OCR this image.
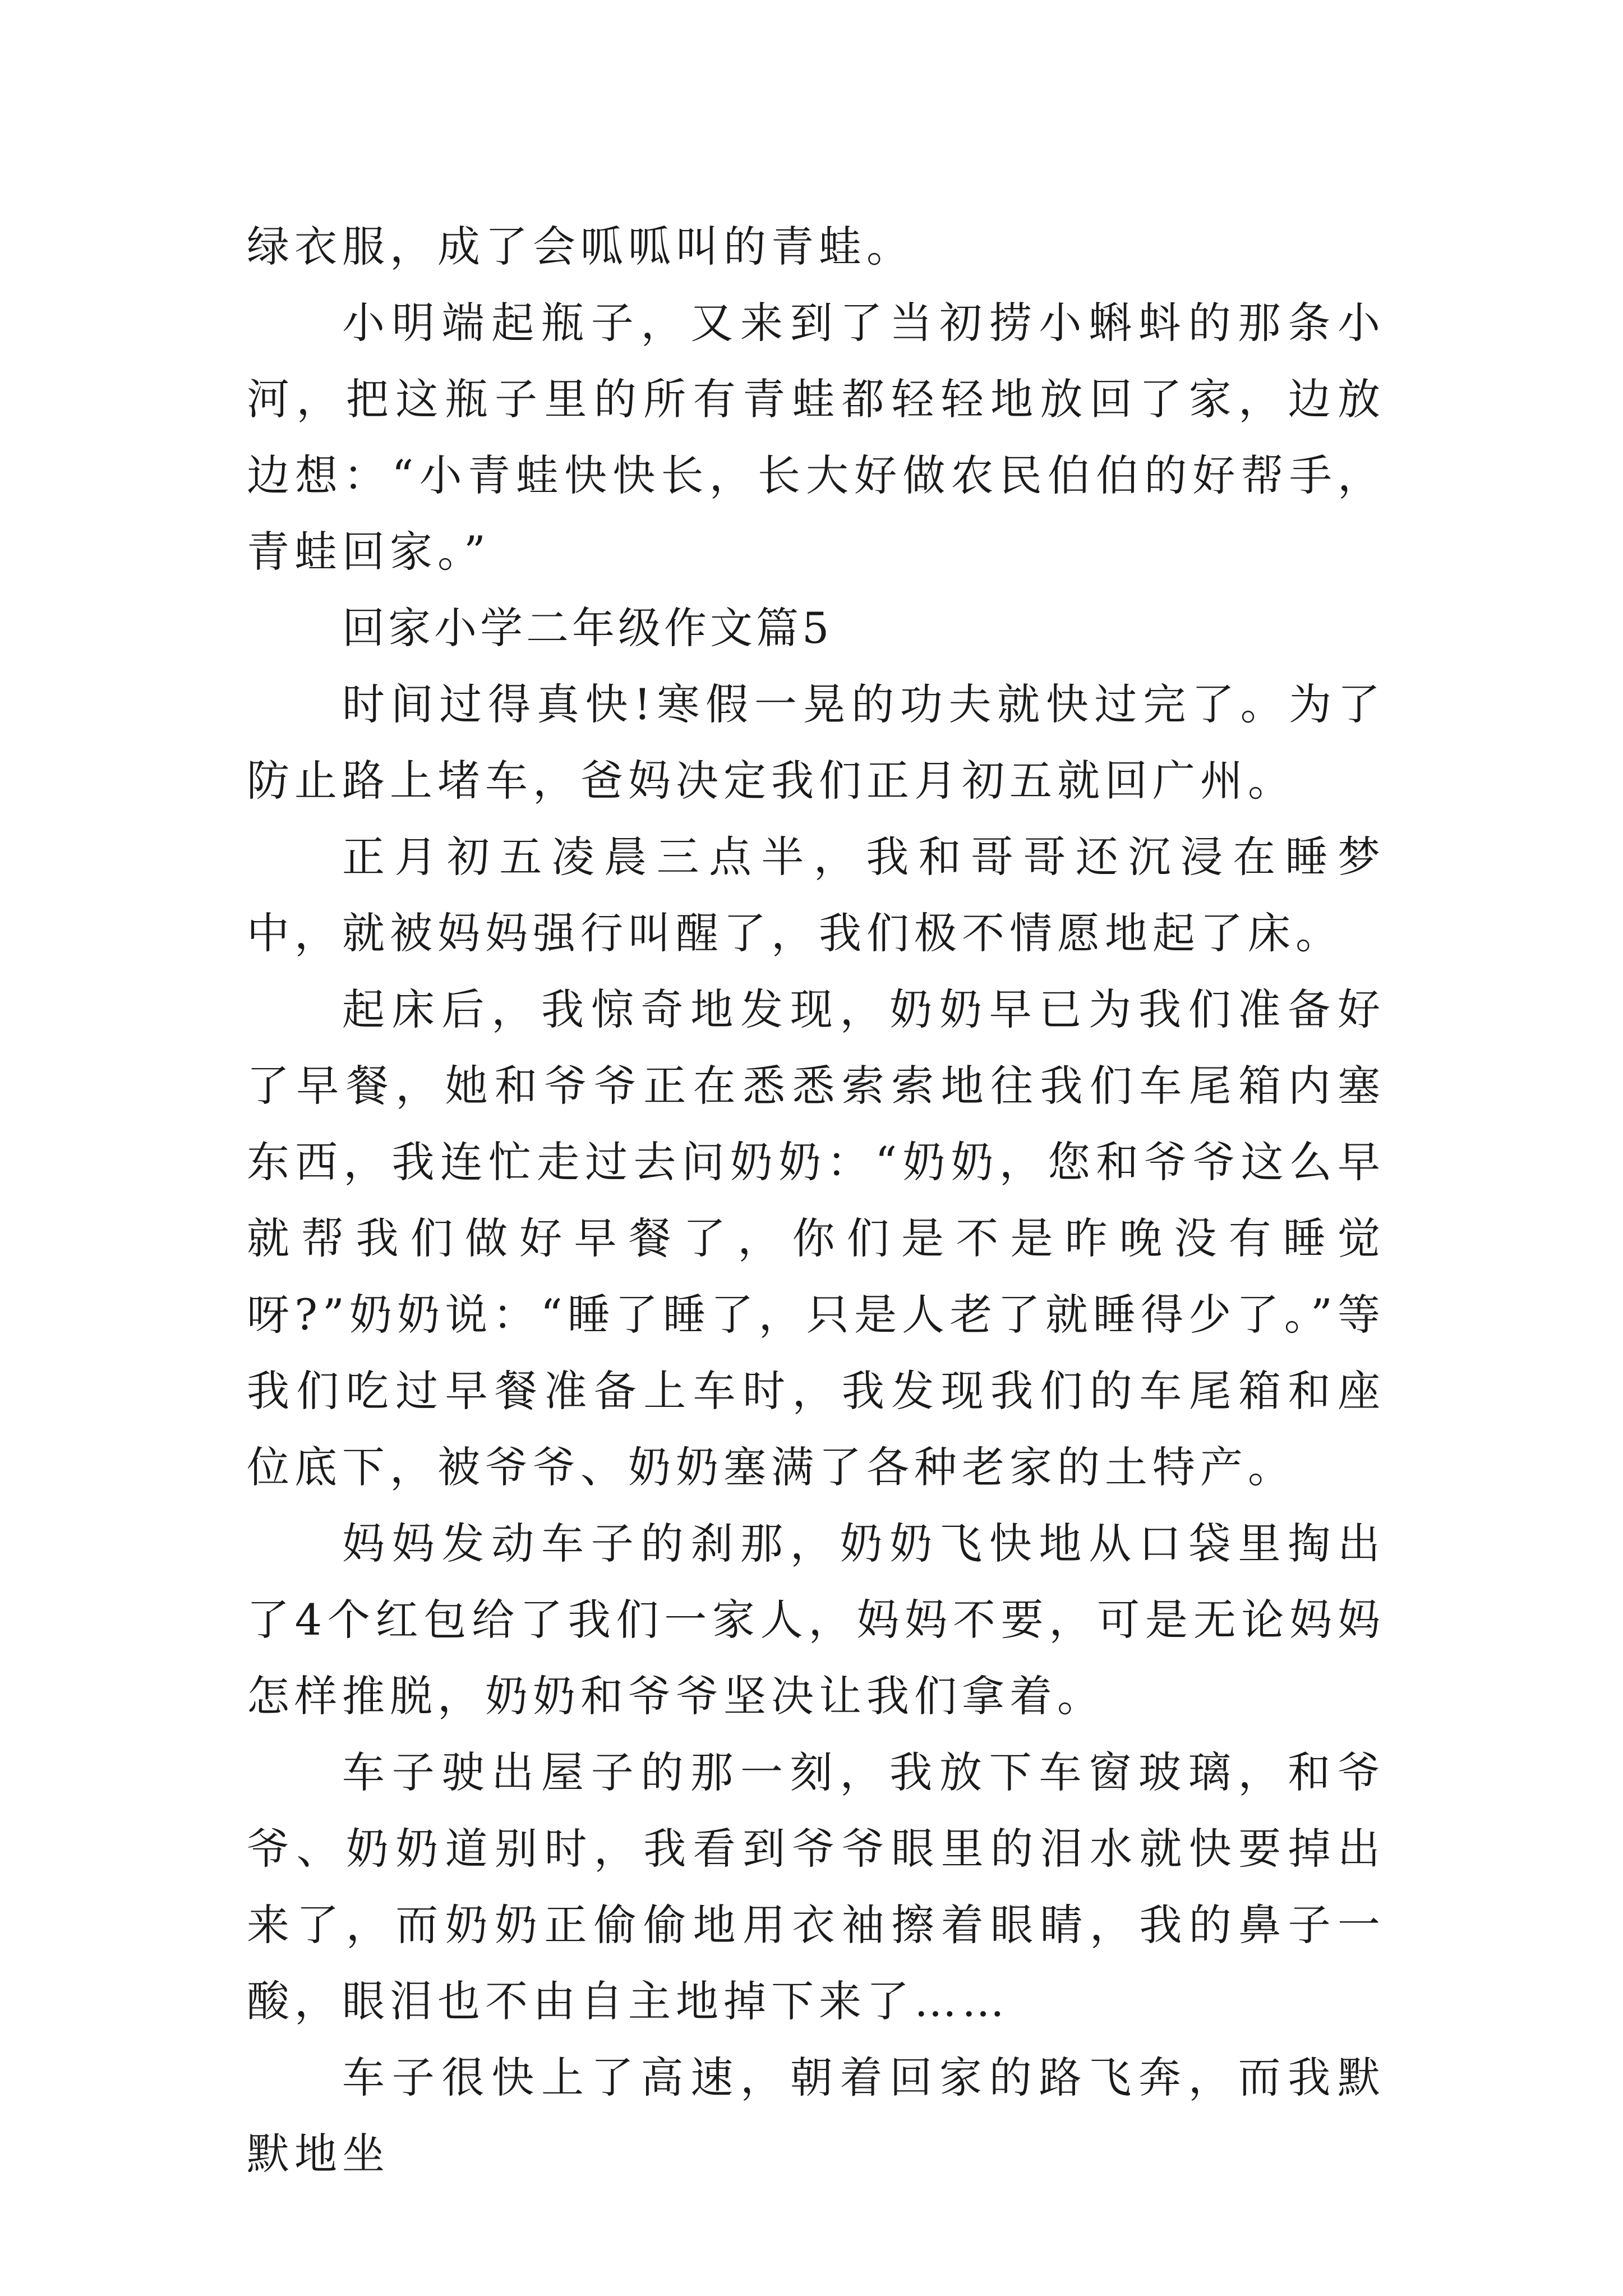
绿衣服，成了会呱呱叫的青蛙。

小明端起瓶子，又来到了当初捞小蝌蚪的那条小河，把这瓶子里的所有青蛙都轻轻地放回了家，边放边想：“小青蛙快快长，长大好做农民伯伯的好帮手，青蛙回家。”

回家小学二年级作文篇5

时间过得真快!寒假一晃的功夫就快过完了。为了防止路上堵车，爸妈决定我们正月初五就回广州。

正月初五凌晨三点半，我和哥哥还沉浸在睡梦中，就被妈妈强行叫醒了，我们极不情愿地起了床。

起床后，我惊奇地发现，奶奶早已为我们准备好了早餐，她和爷爷正在悉悉索索地往我们车尾箱内塞东西，我连忙走过去问奶奶：“奶奶，您和爷爷这么早就帮我们做好早餐了，你们是不是昨晚没有睡觉呀?”奶奶说：“睡了睡了，只是人老了就睡得少了。”等我们吃过早餐准备上车时，我发现我们的车尾箱和座位底下，被爷爷、奶奶塞满了各种老家的土特产。

妈妈发动车子的刹那，奶奶飞快地从口袋里掏出了4个红包给了我们一家人，妈妈不要，可是无论妈妈怎样推脱，奶奶和爷爷坚决让我们拿着。

车子驶出屋子的那一刻，我放下车窗玻璃，和爷爷、奶奶道别时，我看到爷爷眼里的泪水就快要掉出来了，而奶奶正偷偷地用衣袖擦着眼睛，我的鼻子一酸，眼泪也不由自主地掉下来了……

车子很快上了高速，朝着回家的路飞奔，而我默默地坐
